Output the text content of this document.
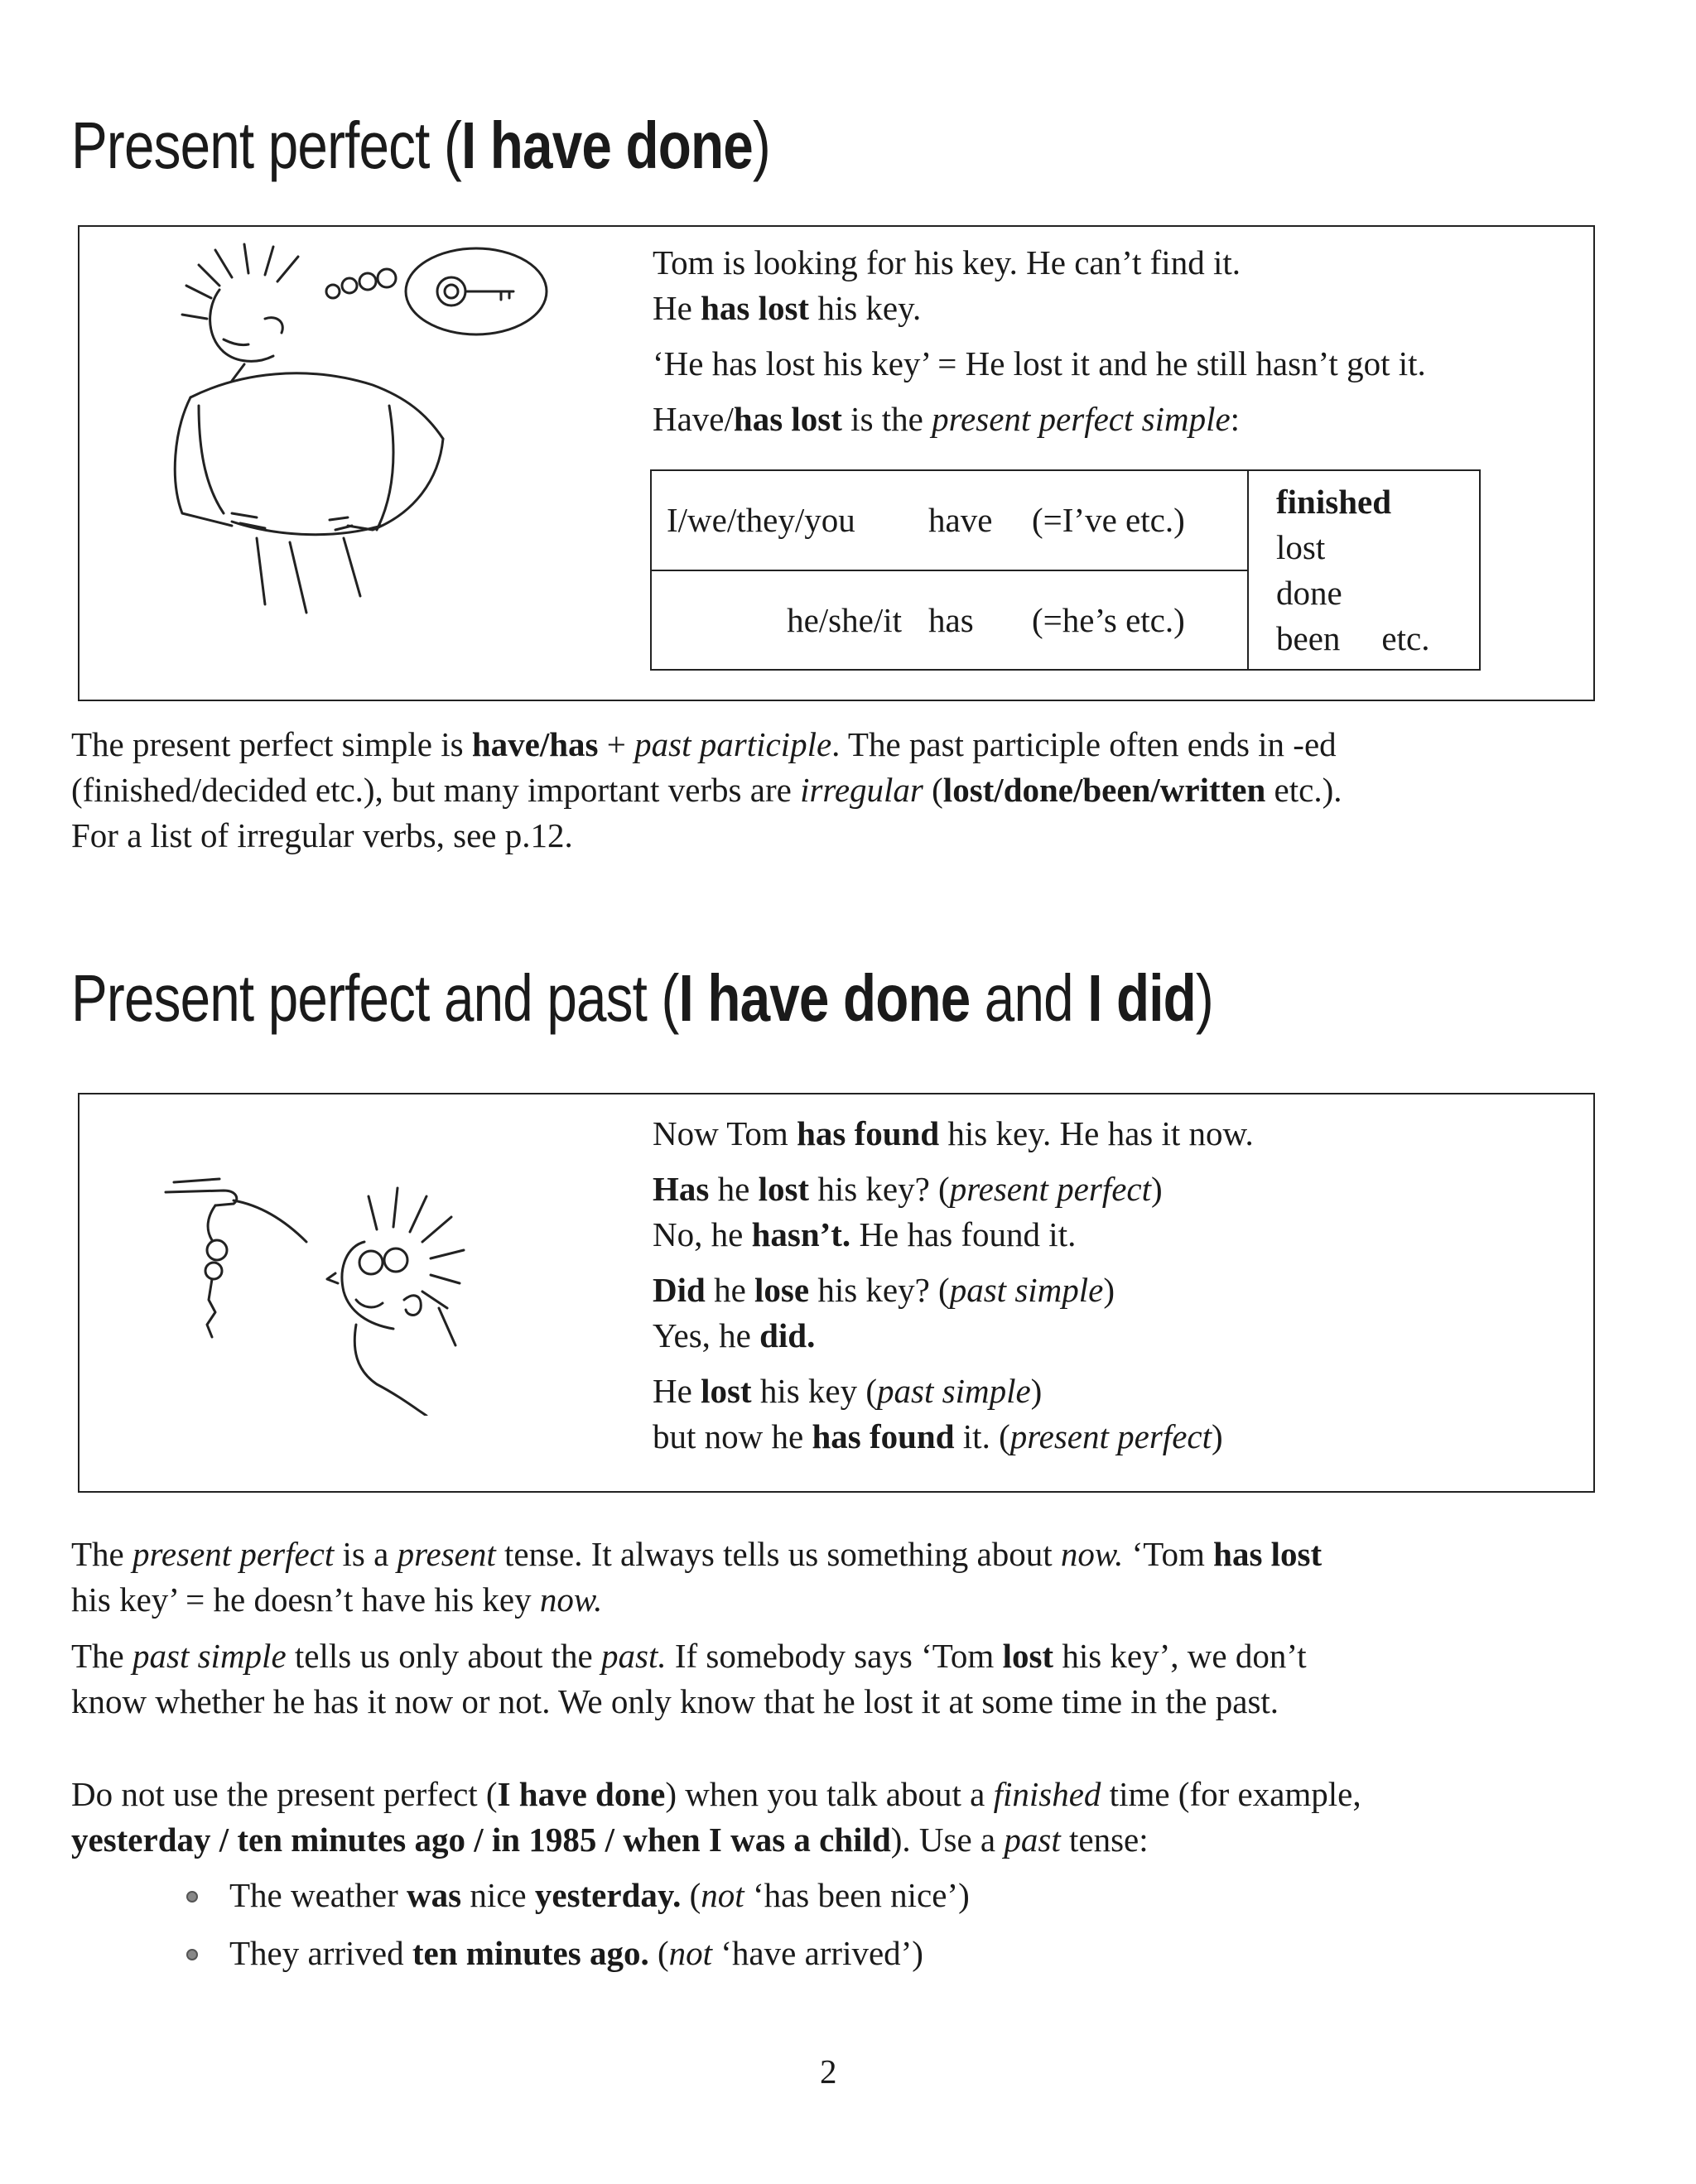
Present perfect (I have done)

Tom is looking for his key. He can’t find it.

He has lost his key.

‘He has lost his key’ = He lost it and he still hasn’t got it.

Have/has lost is the present perfect simple:

I/we/they/you have (=I’ve etc.)	finished
lost
done
been etc.

he/she/it has (=he’s etc.)

The present perfect simple is have/has + past participle. The past participle often ends in -ed

(finished/decided etc.), but many important verbs are irregular (lost/done/been/written etc.).

For a list of irregular verbs, see p.12.

Present perfect and past (I have done and I did)

Now Tom has found his key. He has it now.

Has he lost his key? (present perfect)

No, he hasn’t. He has found it.

Did he lose his key? (past simple)

Yes, he did.

He lost his key (past simple)

but now he has found it. (present perfect)

The present perfect is a present tense. It always tells us something about now. ‘Tom has lost

his key’ = he doesn’t have his key now.

The past simple tells us only about the past. If somebody says ‘Tom lost his key’, we don’t

know whether he has it now or not. We only know that he lost it at some time in the past.

Do not use the present perfect (I have done) when you talk about a finished time (for example,

yesterday / ten minutes ago / in 1985 / when I was a child). Use a past tense:

The weather was nice yesterday. (not ‘has been nice’)
They arrived ten minutes ago. (not ‘have arrived’)
2
